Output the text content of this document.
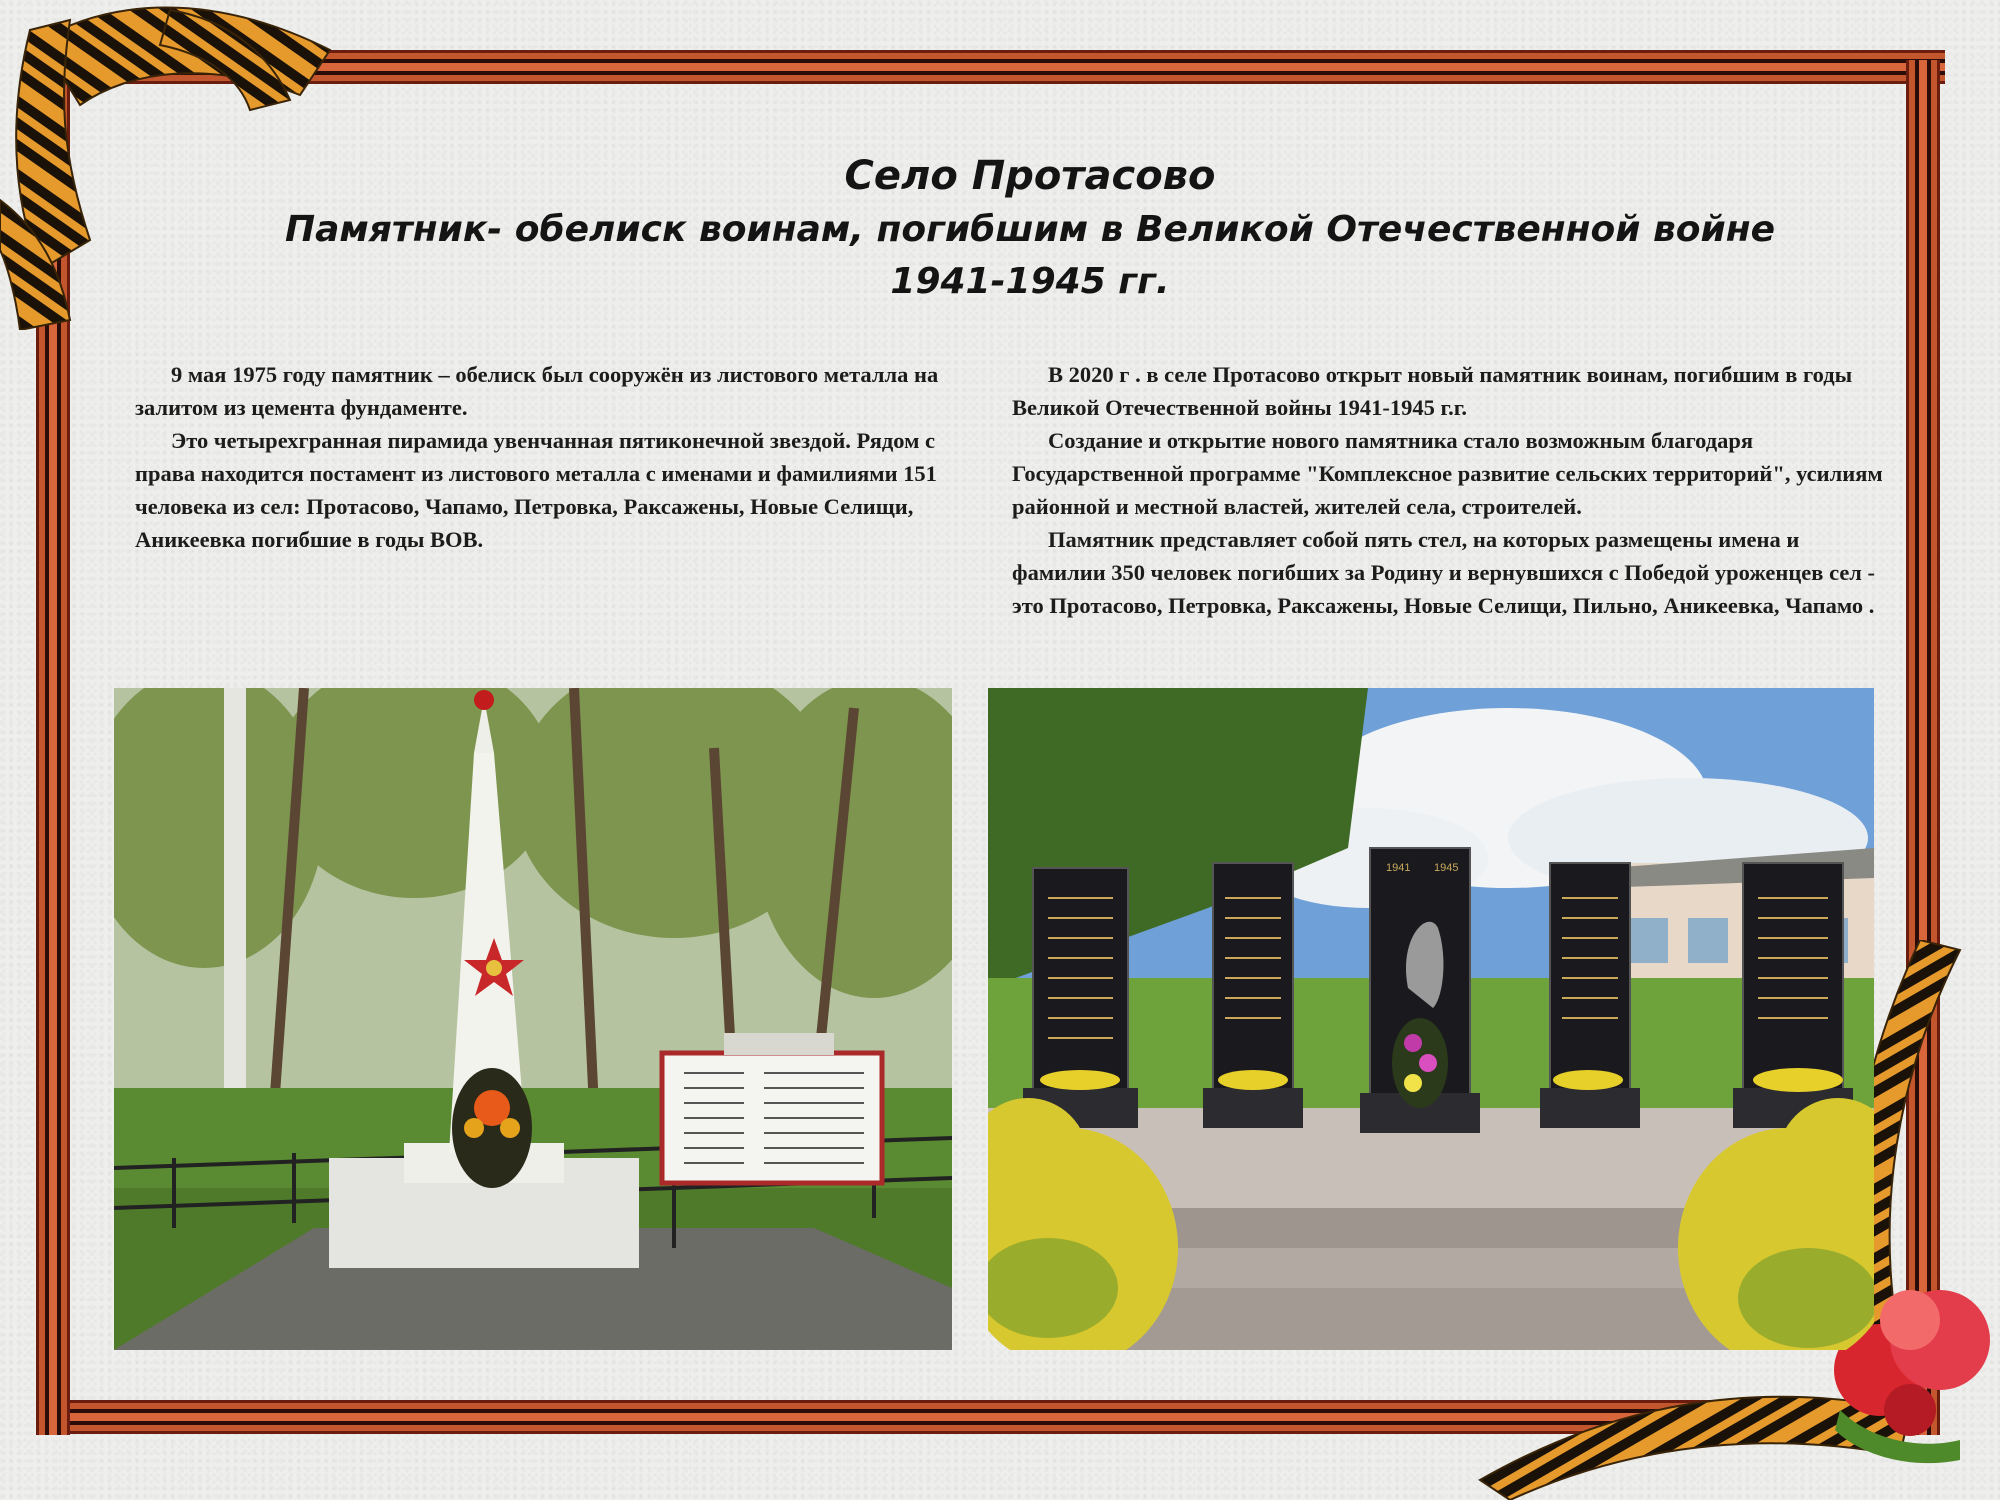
Село Протасово
Памятник- обелиск воинам, погибшим в Великой Отечественной войне
1941-1945 гг.

9 мая 1975 году памятник – обелиск был сооружён из листового металла на залитом из цемента фундаменте.

Это четырехгранная пирамида увенчанная пятиконечной звездой. Рядом с права находится постамент из листового металла с именами и фамилиями 151 человека из сел: Протасово, Чапамо, Петровка, Раксажены, Новые Селищи, Аникеевка погибшие в годы ВОВ.

В 2020 г . в селе Протасово открыт новый памятник воинам, погибшим в годы Великой Отечественной войны 1941-1945 г.г.

Создание и открытие нового памятника стало возможным благодаря Государственной программе "Комплексное развитие сельских территорий", усилиям районной и местной властей, жителей села, строителей.

Памятник представляет собой пять стел, на которых размещены имена и фамилии 350 человек погибших за Родину и вернувшихся с Победой уроженцев сел - это Протасово, Петровка, Раксажены, Новые Селищи, Пильно, Аникеевка, Чапамо .

1941 1945
